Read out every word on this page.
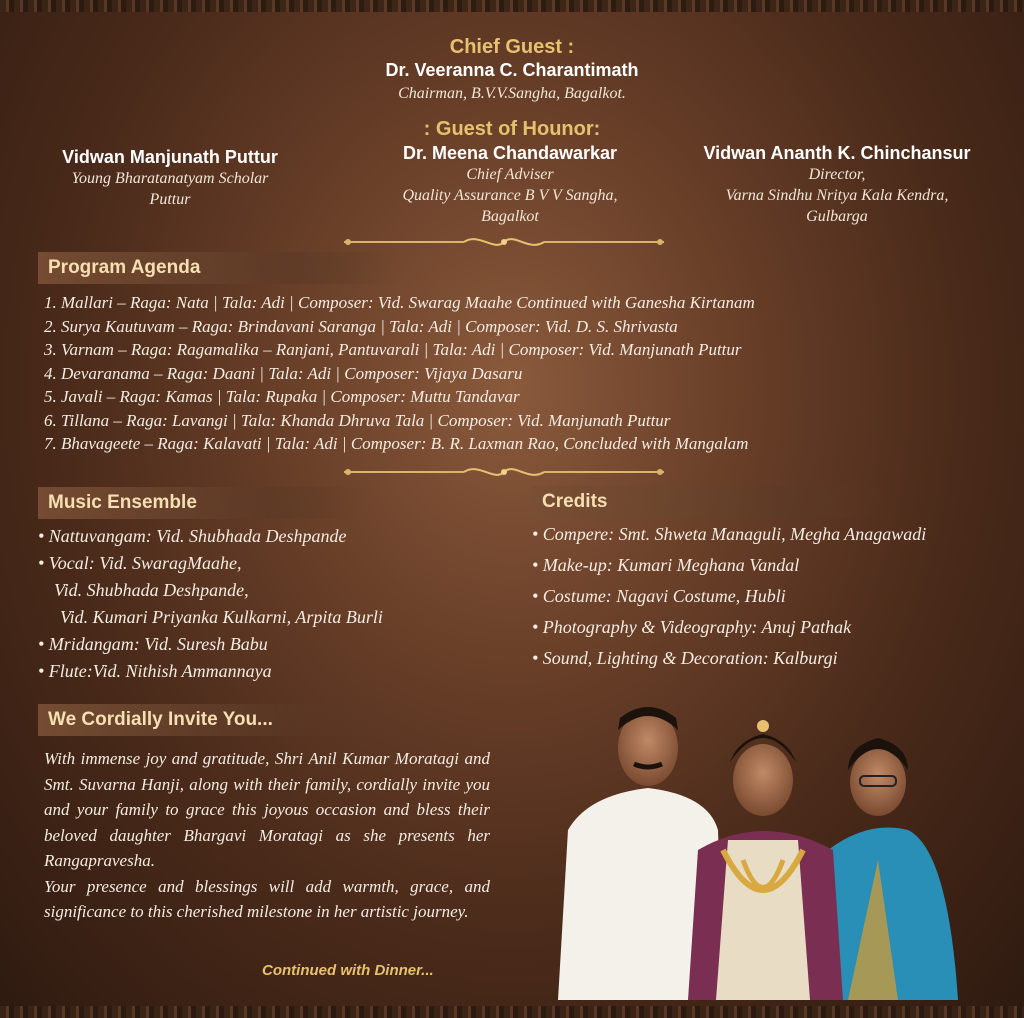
Chief Guest :
Dr. Veeranna C. Charantimath
Chairman, B.V.V.Sangha, Bagalkot.
: Guest of Hounor:
Vidwan Manjunath Puttur
Young Bharatanatyam Scholar
Puttur
Dr. Meena Chandawarkar
Chief Adviser
Quality Assurance B V V Sangha,
Bagalkot
Vidwan Ananth K. Chinchansur
Director,
Varna Sindhu Nritya Kala Kendra,
Gulbarga
Program Agenda
1. Mallari – Raga: Nata | Tala: Adi | Composer: Vid. Swarag Maahe Continued with Ganesha Kirtanam
2. Surya Kautuvam – Raga: Brindavani Saranga | Tala: Adi | Composer: Vid. D. S. Shrivasta
3. Varnam – Raga: Ragamalika – Ranjani, Pantuvarali | Tala: Adi | Composer: Vid. Manjunath Puttur
4. Devaranama – Raga: Daani | Tala: Adi | Composer: Vijaya Dasaru
5. Javali – Raga: Kamas | Tala: Rupaka | Composer: Muttu Tandavar
6. Tillana – Raga: Lavangi | Tala: Khanda Dhruva Tala | Composer: Vid. Manjunath Puttur
7. Bhavageete – Raga: Kalavati | Tala: Adi | Composer: B. R. Laxman Rao, Concluded with Mangalam
Music Ensemble
• Nattuvangam: Vid. Shubhada Deshpande
• Vocal: Vid. SwaragMaahe,
Vid. Shubhada Deshpande,
Vid. Kumari Priyanka Kulkarni, Arpita Burli
• Mridangam: Vid. Suresh Babu
• Flute:Vid. Nithish Ammannaya
Credits
• Compere: Smt. Shweta Managuli, Megha Anagawadi
• Make-up: Kumari Meghana Vandal
• Costume: Nagavi Costume, Hubli
• Photography & Videography: Anuj Pathak
• Sound, Lighting & Decoration: Kalburgi
We Cordially Invite You...
With immense joy and gratitude, Shri Anil Kumar Moratagi and Smt. Suvarna Hanji, along with their family, cordially invite you and your family to grace this joyous occasion and bless their beloved daughter Bhargavi Moratagi as she presents her Rangapravesha.
Your presence and blessings will add warmth, grace, and significance to this cherished milestone in her artistic journey.
Continued with Dinner...
